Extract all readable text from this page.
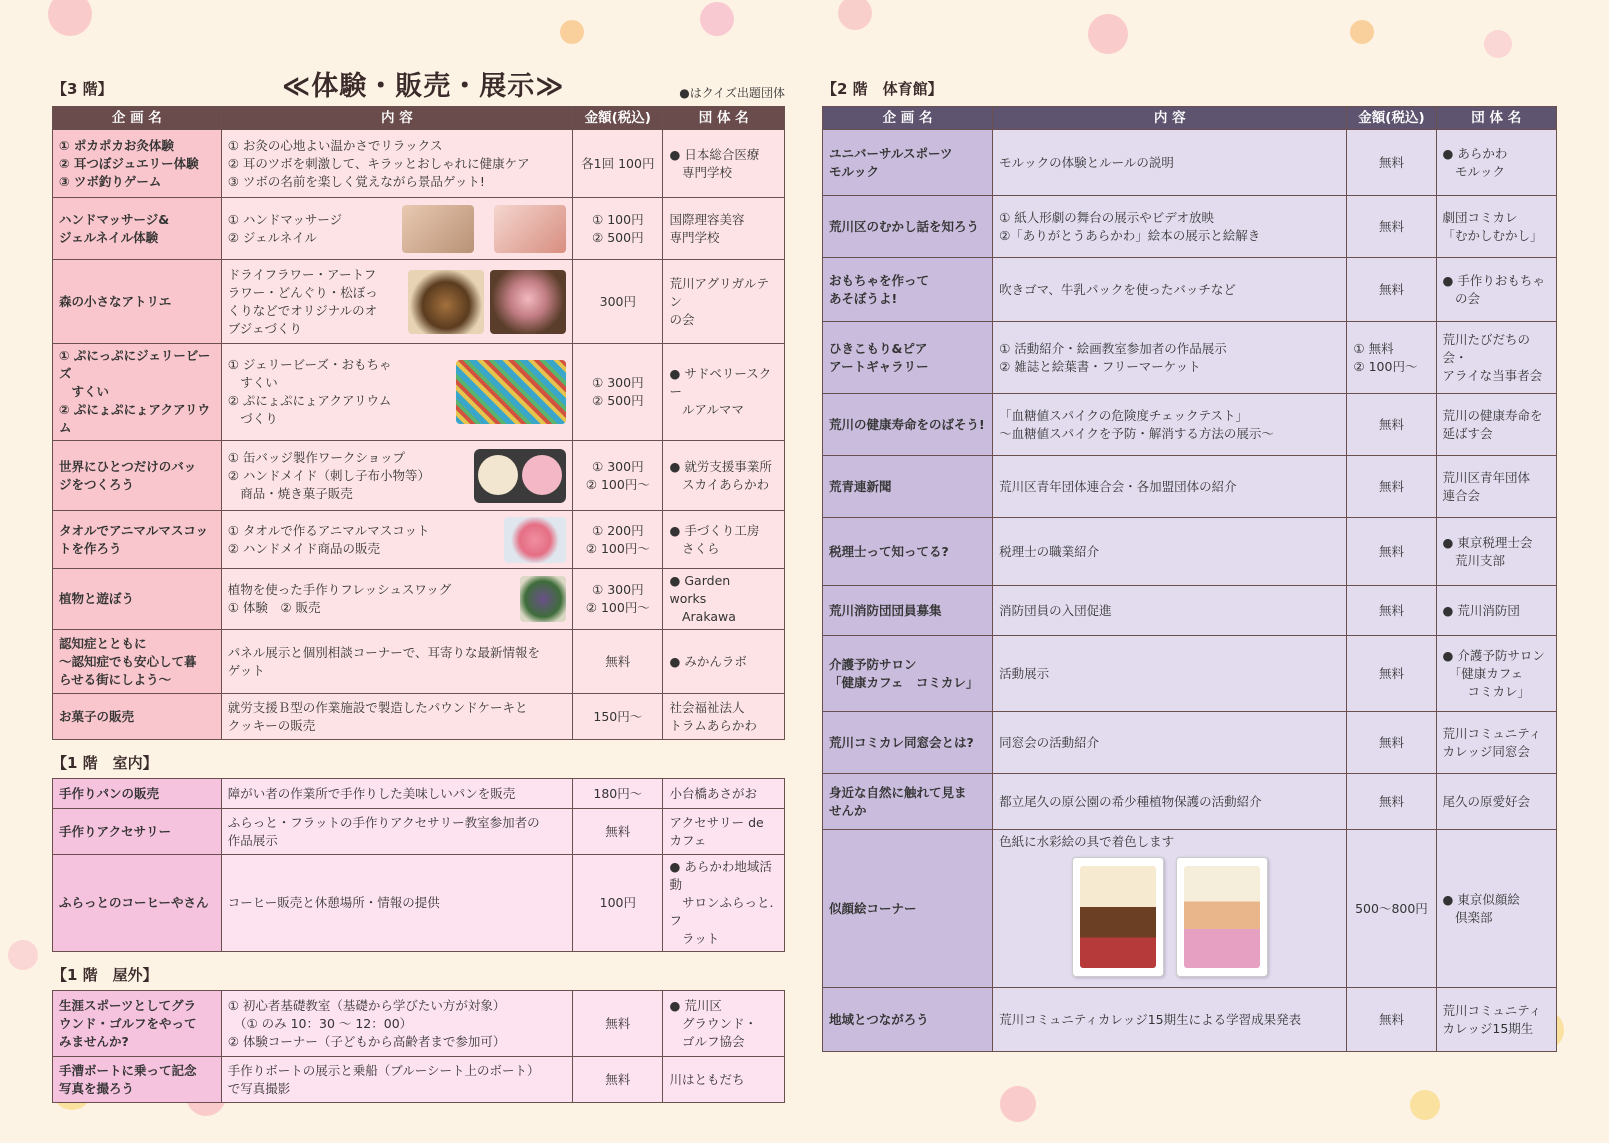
【3 階】	≪体験・販売・展示≫	●はクイズ出題団体
企 画 名	内 容	金額(税込)	団 体 名
① ポカポカお灸体験
② 耳つぼジュエリー体験
③ ツボ釣りゲーム	① お灸の心地よい温かさでリラックス
② 耳のツボを刺激して、キラッとおしゃれに健康ケア
③ ツボの名前を楽しく覚えながら景品ゲット!	各1回 100円	● 日本総合医療
　専門学校
ハンドマッサージ&
ジェルネイル体験	① ハンドマッサージ
② ジェルネイル	① 100円
② 500円	国際理容美容
専門学校
森の小さなアトリエ	ドライフラワー・アートフ
ラワー・どんぐり・松ぼっ
くりなどでオリジナルのオ
ブジェづくり	300円	荒川アグリガルテン
の会
① ぷにっぷにジェリービーズ
　すくい
② ぷにょぷにょアクアリウム	① ジェリービーズ・おもちゃ
　すくい
② ぷにょぷにょアクアリウム
　づくり	① 300円
② 500円	● サドベリースクー
　ルアルママ
世界にひとつだけのバッ
ジをつくろう	① 缶バッジ製作ワークショップ
② ハンドメイド（刺し子布小物等）
　商品・焼き菓子販売	① 300円
② 100円～	● 就労支援事業所
　スカイあらかわ
タオルでアニマルマスコッ
トを作ろう	① タオルで作るアニマルマスコット
② ハンドメイド商品の販売	① 200円
② 100円～	● 手づくり工房
　さくら
植物と遊ぼう	植物を使った手作りフレッシュスワッグ
① 体験　② 販売	① 300円
② 100円～	● Garden　works
　Arakawa
認知症とともに
～認知症でも安心して暮
らせる街にしよう～	パネル展示と個別相談コーナーで、耳寄りな最新情報を
ゲット	無料	● みかんラボ
お菓子の販売	就労支援Ｂ型の作業施設で製造したパウンドケーキと
クッキーの販売	150円～	社会福祉法人
トラムあらかわ
【1 階　室内】
手作りパンの販売	障がい者の作業所で手作りした美味しいパンを販売	180円～	小台橋あさがお
手作りアクセサリー	ふらっと・フラットの手作りアクセサリー教室参加者の
作品展示	無料	アクセサリー de
カフェ
ふらっとのコーヒーやさん	コーヒー販売と休憩場所・情報の提供	100円	● あらかわ地域活動
　サロンふらっと.フ
　ラット
【1 階　屋外】
生涯スポーツとしてグラ
ウンド・ゴルフをやって
みませんか?	① 初心者基礎教室（基礎から学びたい方が対象）
　（① のみ 10：30 ～ 12：00）
② 体験コーナー（子どもから高齢者まで参加可）	無料	● 荒川区
　グラウンド・
　ゴルフ協会
手漕ボートに乗って記念
写真を撮ろう	手作りボートの展示と乗船（ブルーシート上のボート）
で写真撮影	無料	川はともだち
【2 階　体育館】
企 画 名	内 容	金額(税込)	団 体 名
ユニバーサルスポーツ
モルック	モルックの体験とルールの説明	無料	● あらかわ
　モルック
荒川区のむかし話を知ろう	① 紙人形劇の舞台の展示やビデオ放映
②「ありがとうあらかわ」絵本の展示と絵解き	無料	劇団コミカレ
「むかしむかし」
おもちゃを作って
あそぼうよ!	吹きゴマ、牛乳パックを使ったバッチなど	無料	● 手作りおもちゃ
　の会
ひきこもり&ピア
アートギャラリー	① 活動紹介・絵画教室参加者の作品展示
② 雑誌と絵葉書・フリーマーケット	① 無料
② 100円～	荒川たびだちの会・
アライな当事者会
荒川の健康寿命をのばそう!	「血糖値スパイクの危険度チェックテスト」
～血糖値スパイクを予防・解消する方法の展示～	無料	荒川の健康寿命を
延ばす会
荒青連新聞	荒川区青年団体連合会・各加盟団体の紹介	無料	荒川区青年団体
連合会
税理士って知ってる?	税理士の職業紹介	無料	● 東京税理士会
　荒川支部
荒川消防団団員募集	消防団員の入団促進	無料	● 荒川消防団
介護予防サロン
「健康カフェ　コミカレ」	活動展示	無料	● 介護予防サロン
　「健康カフェ
　　コミカレ」
荒川コミカレ同窓会とは?	同窓会の活動紹介	無料	荒川コミュニティ
カレッジ同窓会
身近な自然に触れて見ま
せんか	都立尾久の原公園の希少種植物保護の活動紹介	無料	尾久の原愛好会
似顔絵コーナー	色紙に水彩絵の具で着色します	500～800円	● 東京似顔絵
　倶楽部
地域とつながろう	荒川コミュニティカレッジ15期生による学習成果発表	無料	荒川コミュニティ
カレッジ15期生
